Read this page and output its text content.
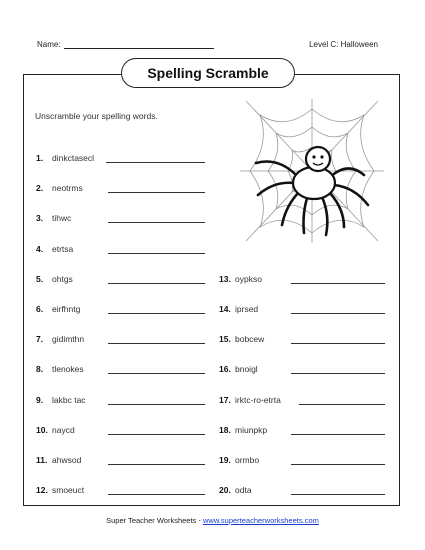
Name:	Level C: Halloween
Spelling Scramble
Unscramble your spelling words.
1. dinkctasecl
2. neotrms
3. tihwc
4. etrtsa
5. ohtgs
6. eirfhntg
7. gidimthn
8. tlenokes
9. lakbc tac
10. naycd
11. ahwsod
12. smoeuct
13. oypkso
14. iprsed
15. bobcew
16. bnoigl
17. irktc-ro-etrta
18. miunpkp
19. ormbo
20. odta
Super Teacher Worksheets - www.superteacherworksheets.com
